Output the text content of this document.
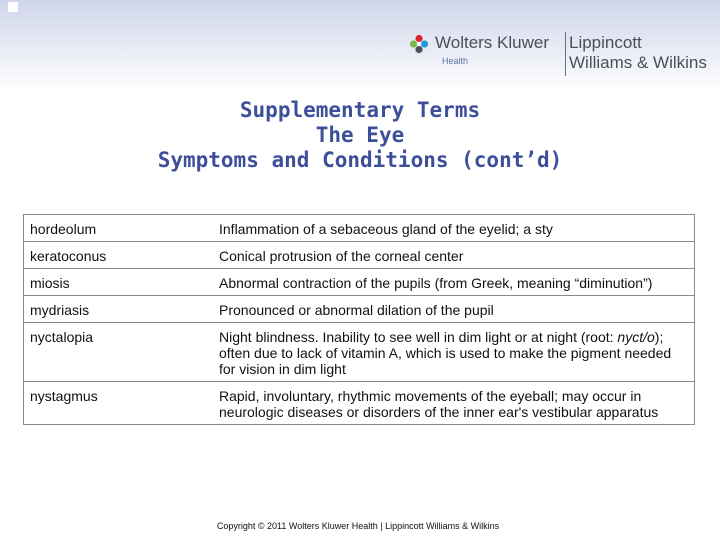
Wolters Kluwer
Health
Lippincott
Williams & Wilkins
Supplementary Terms
The Eye
Symptoms and Conditions (cont’d)
hordeolum	Inflammation of a sebaceous gland of the eyelid; a sty
keratoconus	Conical protrusion of the corneal center
miosis	Abnormal contraction of the pupils (from Greek, meaning “diminution”)
mydriasis	Pronounced or abnormal dilation of the pupil
nyctalopia	Night blindness. Inability to see well in dim light or at night (root: nyct/o); often due to lack of vitamin A, which is used to make the pigment needed for vision in dim light
nystagmus	Rapid, involuntary, rhythmic movements of the eyeball; may occur in neurologic diseases or disorders of the inner ear's vestibular apparatus
Copyright © 2011 Wolters Kluwer Health | Lippincott Williams & Wilkins
